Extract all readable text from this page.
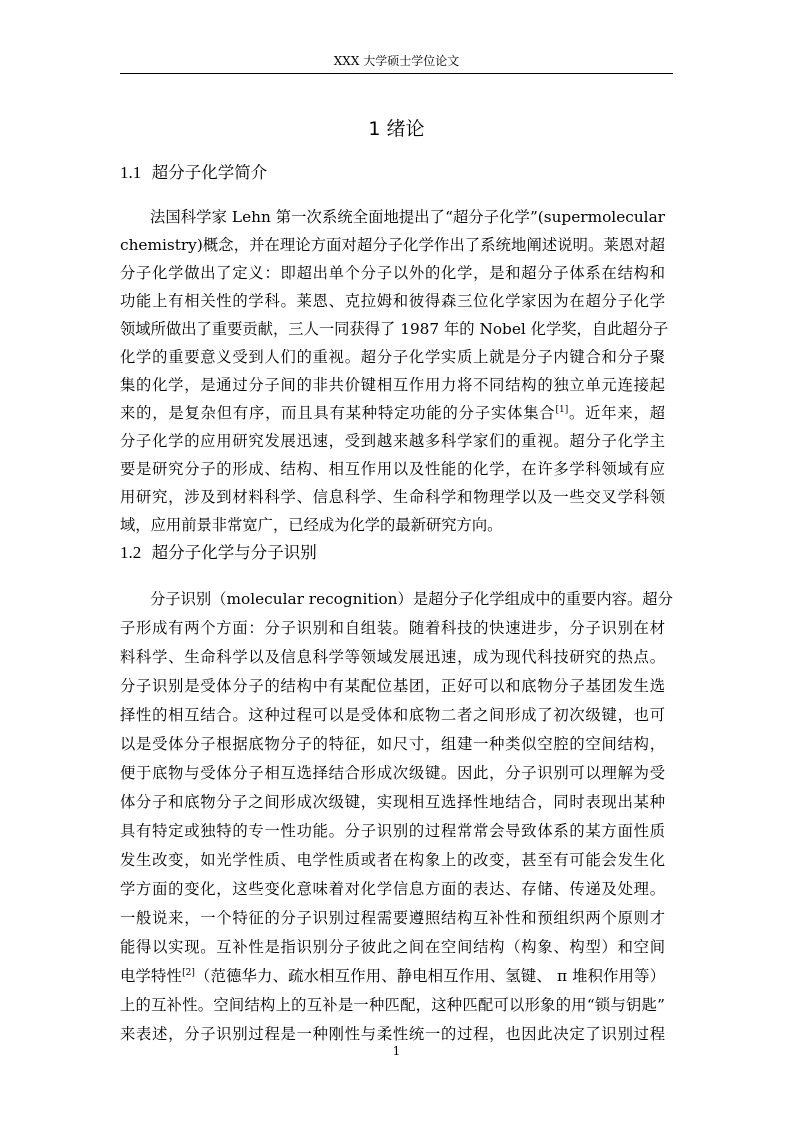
XXX 大学硕士学位论文
1 绪论
1.1 超分子化学简介
法国科学家 Lehn 第一次系统全面地提出了“超分子化学”(supermolecular
chemistry)概念，并在理论方面对超分子化学作出了系统地阐述说明。莱恩对超
分子化学做出了定义：即超出单个分子以外的化学，是和超分子体系在结构和
功能上有相关性的学科。莱恩、克拉姆和彼得森三位化学家因为在超分子化学
领域所做出了重要贡献，三人一同获得了 1987 年的 Nobel 化学奖，自此超分子
化学的重要意义受到人们的重视。超分子化学实质上就是分子内键合和分子聚
集的化学，是通过分子间的非共价键相互作用力将不同结构的独立单元连接起
来的，是复杂但有序，而且具有某种特定功能的分子实体集合[1]。近年来，超
分子化学的应用研究发展迅速，受到越来越多科学家们的重视。超分子化学主
要是研究分子的形成、结构、相互作用以及性能的化学，在许多学科领域有应
用研究，涉及到材料科学、信息科学、生命科学和物理学以及一些交叉学科领
域，应用前景非常宽广，已经成为化学的最新研究方向。
1.2 超分子化学与分子识别
分子识别（molecular recognition）是超分子化学组成中的重要内容。超分
子形成有两个方面：分子识别和自组装。随着科技的快速进步，分子识别在材
料科学、生命科学以及信息科学等领域发展迅速，成为现代科技研究的热点。
分子识别是受体分子的结构中有某配位基团，正好可以和底物分子基团发生选
择性的相互结合。这种过程可以是受体和底物二者之间形成了初次级键，也可
以是受体分子根据底物分子的特征，如尺寸，组建一种类似空腔的空间结构，
便于底物与受体分子相互选择结合形成次级键。因此，分子识别可以理解为受
体分子和底物分子之间形成次级键，实现相互选择性地结合，同时表现出某种
具有特定或独特的专一性功能。分子识别的过程常常会导致体系的某方面性质
发生改变，如光学性质、电学性质或者在构象上的改变，甚至有可能会发生化
学方面的变化，这些变化意味着对化学信息方面的表达、存储、传递及处理。
一般说来，一个特征的分子识别过程需要遵照结构互补性和预组织两个原则才
能得以实现。互补性是指识别分子彼此之间在空间结构（构象、构型）和空间
电学特性[2]（范德华力、疏水相互作用、静电相互作用、氢键、 π 堆积作用等）
上的互补性。空间结构上的互补是一种匹配，这种匹配可以形象的用“锁与钥匙”
来表述，分子识别过程是一种刚性与柔性统一的过程，也因此决定了识别过程
1
